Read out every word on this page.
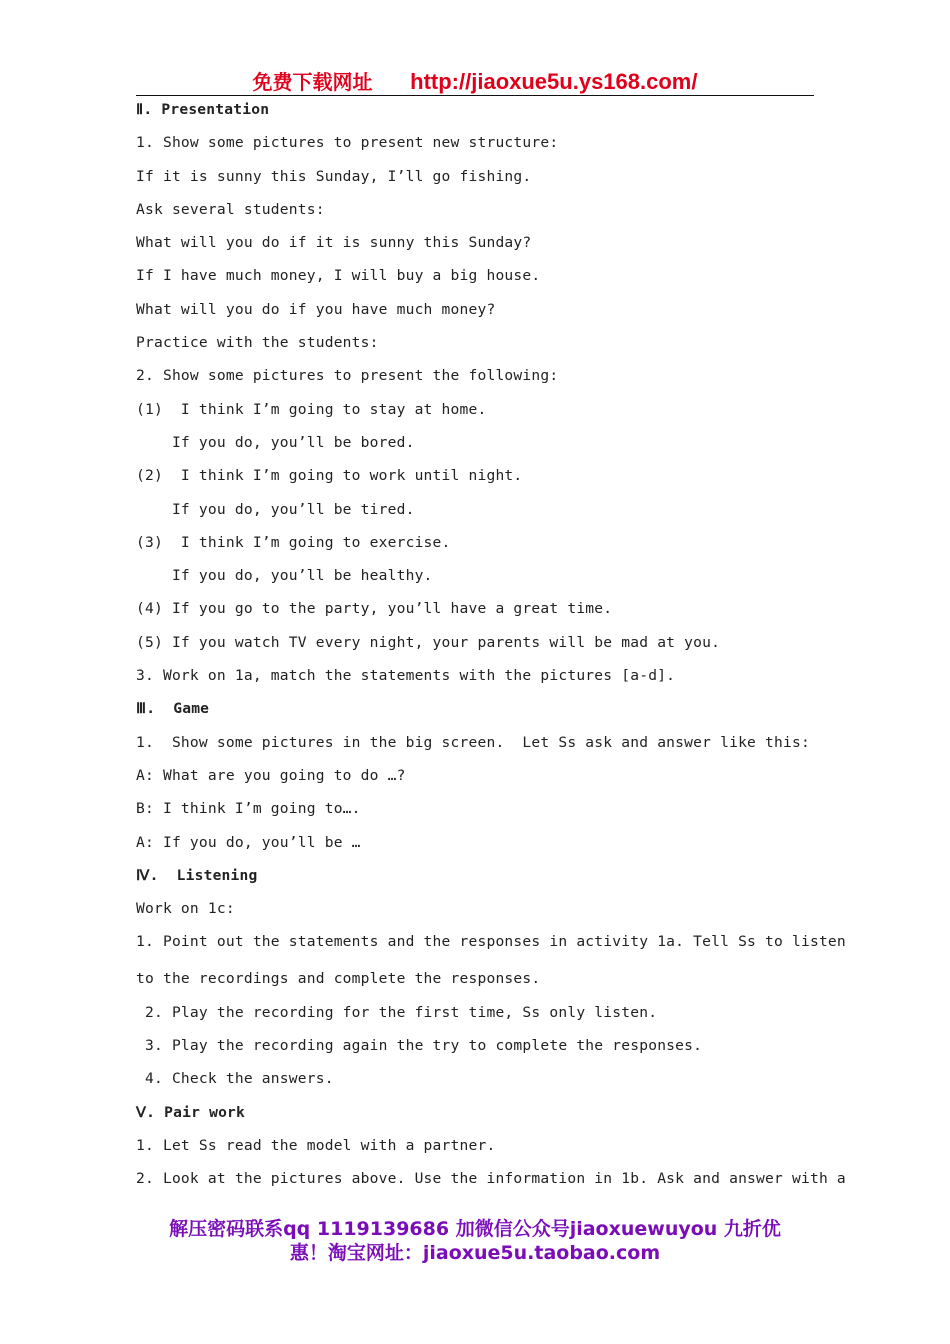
免费下载网址 http://jiaoxue5u.ys168.com/
Ⅱ. Presentation
1. Show some pictures to present new structure:
If it is sunny this Sunday, I’ll go fishing.
Ask several students:
What will you do if it is sunny this Sunday?
If I have much money, I will buy a big house.
What will you do if you have much money?
Practice with the students:
2. Show some pictures to present the following:
(1)  I think I’m going to stay at home.
If you do, you’ll be bored.
(2)  I think I’m going to work until night.
If you do, you’ll be tired.
(3)  I think I’m going to exercise.
If you do, you’ll be healthy.
(4) If you go to the party, you’ll have a great time.
(5) If you watch TV every night, your parents will be mad at you.
3. Work on 1a, match the statements with the pictures [a-d].
Ⅲ.  Game
1.  Show some pictures in the big screen.  Let Ss ask and answer like this:
A: What are you going to do …?
B: I think I’m going to….
A: If you do, you’ll be …
Ⅳ.  Listening
Work on 1c:
1. Point out the statements and the responses in activity 1a. Tell Ss to listen
to the recordings and complete the responses.
2. Play the recording for the first time, Ss only listen.
3. Play the recording again the try to complete the responses.
4. Check the answers.
Ⅴ. Pair work
1. Let Ss read the model with a partner.
2. Look at the pictures above. Use the information in 1b. Ask and answer with a
解压密码联系qq 1119139686 加微信公众号jiaoxuewuyou 九折优
惠！淘宝网址：jiaoxue5u.taobao.com
